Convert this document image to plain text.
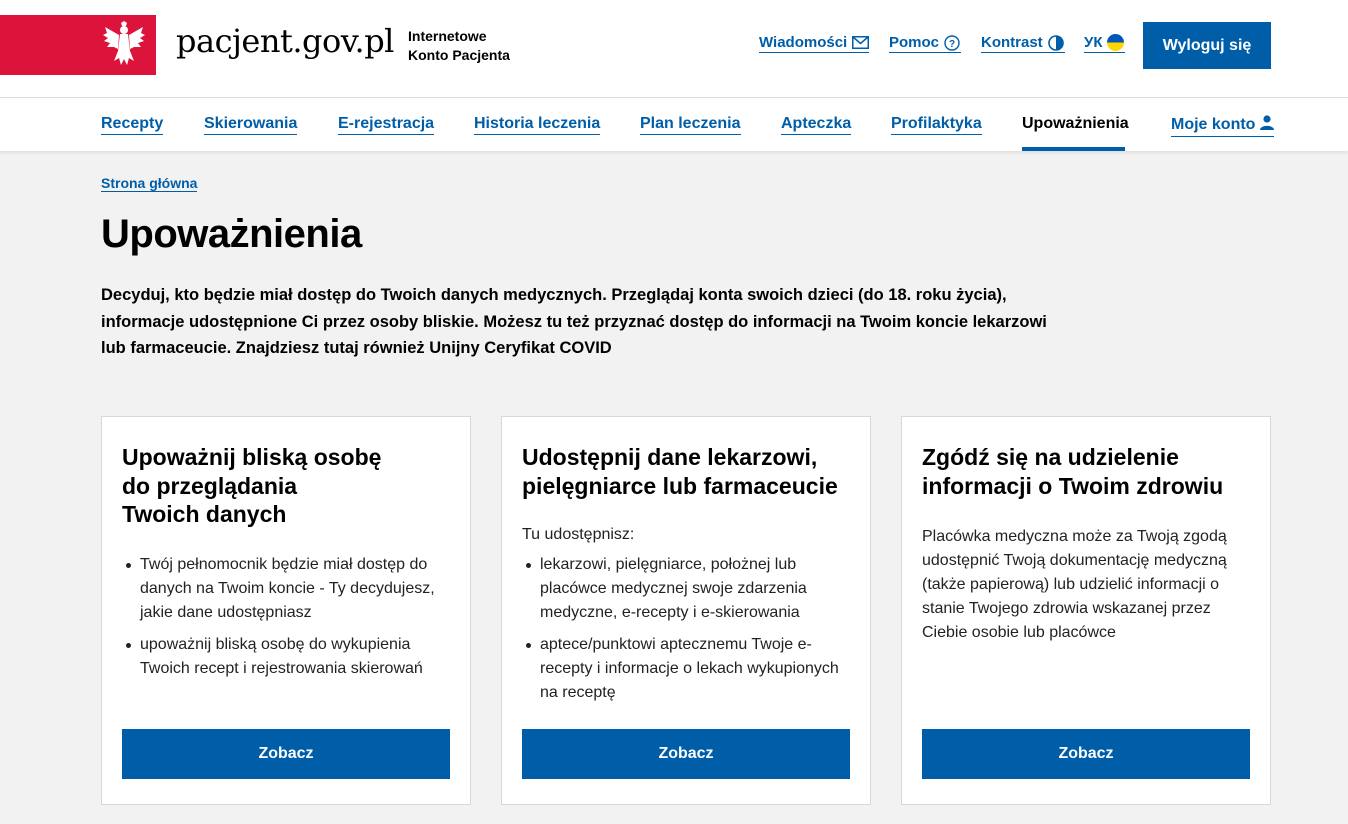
pacjent.gov.pl Internetowe
Konto Pacjenta
Wiadomości	Pomoc ? Kontrast	УК	Wyloguj się
Recepty	Skierowania	E-rejestracja Historia leczenia Plan leczenia	Apteczka Profilaktyka	Upoważnienia	Moje konto
Strona główna
Upoważnienia

Decyduj, kto będzie miał dostęp do Twoich danych medycznych. Przeglądaj konta swoich dzieci (do 18. roku życia), informacje udostępnione Ci przez osoby bliskie. Możesz tu też przyznać dostęp do informacji na Twoim koncie lekarzowi lub farmaceucie. Znajdziesz tutaj również Unijny Ceryfikat COVID

Upoważnij bliską osobę
do przeglądania
Twoich danych
Twój pełnomocnik będzie miał dostęp do danych na Twoim koncie - Ty decydujesz, jakie dane udostępniasz
upoważnij bliską osobę do wykupienia Twoich recept i rejestrowania skierowań
Zobacz
Udostępnij dane lekarzowi,
pielęgniarce lub farmaceucie
Tu udostępnisz:
lekarzowi, pielęgniarce, położnej lub placówce medycznej swoje zdarzenia medyczne, e-recepty i e-skierowania
aptece/punktowi aptecznemu Twoje e-recepty i informacje o lekach wykupionych na receptę
Zobacz
Zgódź się na udzielenie
informacji o Twoim zdrowiu

Placówka medyczna może za Twoją zgodą udostępnić Twoją dokumentację medyczną (także papierową) lub udzielić informacji o stanie Twojego zdrowia wskazanej przez Ciebie osobie lub placówce

Zobacz
